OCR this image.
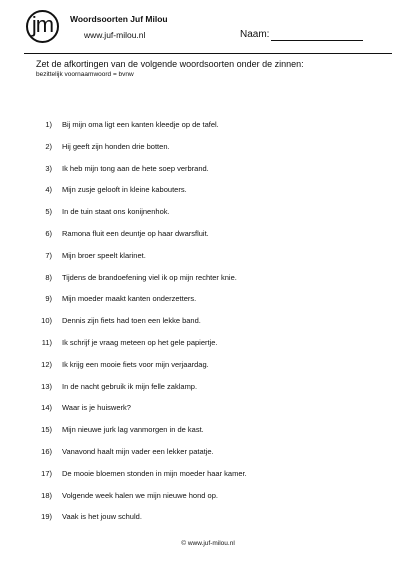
jm Woordsoorten Juf Milou
www.juf-milou.nl	Naam:
Zet de afkortingen van de volgende woordsoorten onder de zinnen:
bezittelijk voornaamwoord = bvnw
1) Bij mijn oma ligt een kanten kleedje op de tafel.
2) Hij geeft zijn honden drie botten.
3) Ik heb mijn tong aan de hete soep verbrand.
4) Mijn zusje gelooft in kleine kabouters.
5) In de tuin staat ons konijnenhok.
6) Ramona fluit een deuntje op haar dwarsfluit.
7) Mijn broer speelt klarinet.
8) Tijdens de brandoefening viel ik op mijn rechter knie.
9) Mijn moeder maakt kanten onderzetters.
10) Dennis zijn fiets had toen een lekke band.
11) Ik schrijf je vraag meteen op het gele papiertje.
12) Ik krijg een mooie fiets voor mijn verjaardag.
13) In de nacht gebruik ik mijn felle zaklamp.
14) Waar is je huiswerk?
15) Mijn nieuwe jurk lag vanmorgen in de kast.
16) Vanavond haalt mijn vader een lekker patatje.
17) De mooie bloemen stonden in mijn moeder haar kamer.
18) Volgende week halen we mijn nieuwe hond op.
19) Vaak is het jouw schuld.
© www.juf-milou.nl
